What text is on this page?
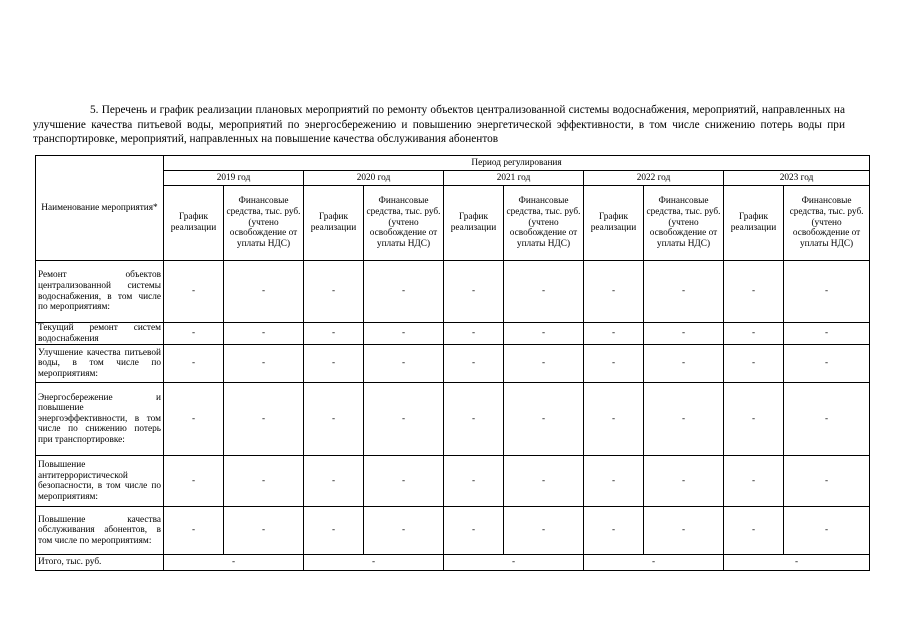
5. Перечень и график реализации плановых мероприятий по ремонту объектов централизованной системы водоснабжения, мероприятий, направленных на улучшение качества питьевой воды, мероприятий по энергосбережению и повышению энергетической эффективности, в том числе снижению потерь воды при транспортировке, мероприятий, направленных на повышение качества обслуживания абонентов

Наименование мероприятия*	Период регулирования									
	2019 год		2020 год		2021 год		2022 год		2023 год	
	График реализации	Финансовые средства, тыс. руб. (учтено освобождение от уплаты НДС)	График реализации	Финансовые средства, тыс. руб. (учтено освобождение от уплаты НДС)	График реализации	Финансовые средства, тыс. руб. (учтено освобождение от уплаты НДС)	График реализации	Финансовые средства, тыс. руб. (учтено освобождение от уплаты НДС)	График реализации	Финансовые средства, тыс. руб. (учтено освобождение от уплаты НДС)
Ремонт объектов централизованной системы водоснабжения, в том числе по мероприятиям:	-	-	-	-	-	-	-	-	-	-
Текущий ремонт систем водоснабжения	-	-	-	-	-	-	-	-	-	-
Улучшение качества питьевой воды, в том числе по мероприятиям:	-	-	-	-	-	-	-	-	-	-
Энергосбережение и повышение энергоэффективности, в том числе по снижению потерь при транспортировке:	-	-	-	-	-	-	-	-	-	-
Повышение антитеррористической безопасности, в том числе по мероприятиям:	-	-	-	-	-	-	-	-	-	-
Повышение качества обслуживания абонентов, в том числе по мероприятиям:	-	-	-	-	-	-	-	-	-	-
Итого, тыс. руб.	-		-		-		-		-	
